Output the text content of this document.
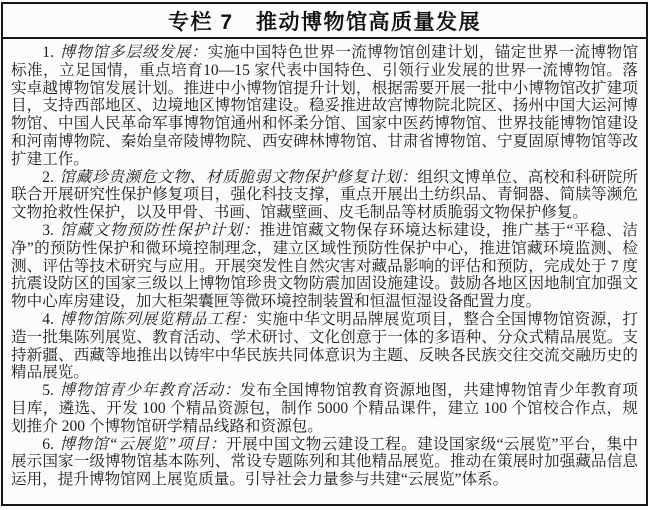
专栏 7　推动博物馆高质量发展

1. 博物馆多层级发展：实施中国特色世界一流博物馆创建计划，锚定世界一流博物馆标准，立足国情，重点培育10—15 家代表中国特色、引领行业发展的世界一流博物馆。落实卓越博物馆发展计划。推进中小博物馆提升计划，根据需要开展一批中小博物馆改扩建项目，支持西部地区、边境地区博物馆建设。稳妥推进故宫博物院北院区、扬州中国大运河博物馆、中国人民革命军事博物馆通州和怀柔分馆、国家中医药博物馆、世界技能博物馆建设和河南博物院、秦始皇帝陵博物院、西安碑林博物馆、甘肃省博物馆、宁夏固原博物馆等改扩建工作。

2. 馆藏珍贵濒危文物、材质脆弱文物保护修复计划：组织文博单位、高校和科研院所联合开展研究性保护修复项目，强化科技支撑，重点开展出土纺织品、青铜器、简牍等濒危文物抢救性保护，以及甲骨、书画、馆藏壁画、皮毛制品等材质脆弱文物保护修复。

3. 馆藏文物预防性保护计划：推进馆藏文物保存环境达标建设，推广基于“平稳、洁净”的预防性保护和微环境控制理念，建立区域性预防性保护中心，推进馆藏环境监测、检测、评估等技术研究与应用。开展突发性自然灾害对藏品影响的评估和预防，完成处于 7 度抗震设防区的国家三级以上博物馆珍贵文物防震加固设施建设。鼓励各地区因地制宜加强文物中心库房建设，加大柜架囊匣等微环境控制装置和恒温恒湿设备配置力度。

4. 博物馆陈列展览精品工程：实施中华文明品牌展览项目，整合全国博物馆资源，打造一批集陈列展览、教育活动、学术研讨、文化创意于一体的多语种、分众式精品展览。支持新疆、西藏等地推出以铸牢中华民族共同体意识为主题、反映各民族交往交流交融历史的精品展览。

5. 博物馆青少年教育活动：发布全国博物馆教育资源地图，共建博物馆青少年教育项目库，遴选、开发 100 个精品资源包，制作 5000 个精品课件，建立 100 个馆校合作点，规划推介 200 个博物馆研学精品线路和资源包。

6. 博物馆“云展览”项目：开展中国文物云建设工程。建设国家级“云展览”平台，集中展示国家一级博物馆基本陈列、常设专题陈列和其他精品展览。推动在策展时加强藏品信息运用，提升博物馆网上展览质量。引导社会力量参与共建“云展览”体系。
